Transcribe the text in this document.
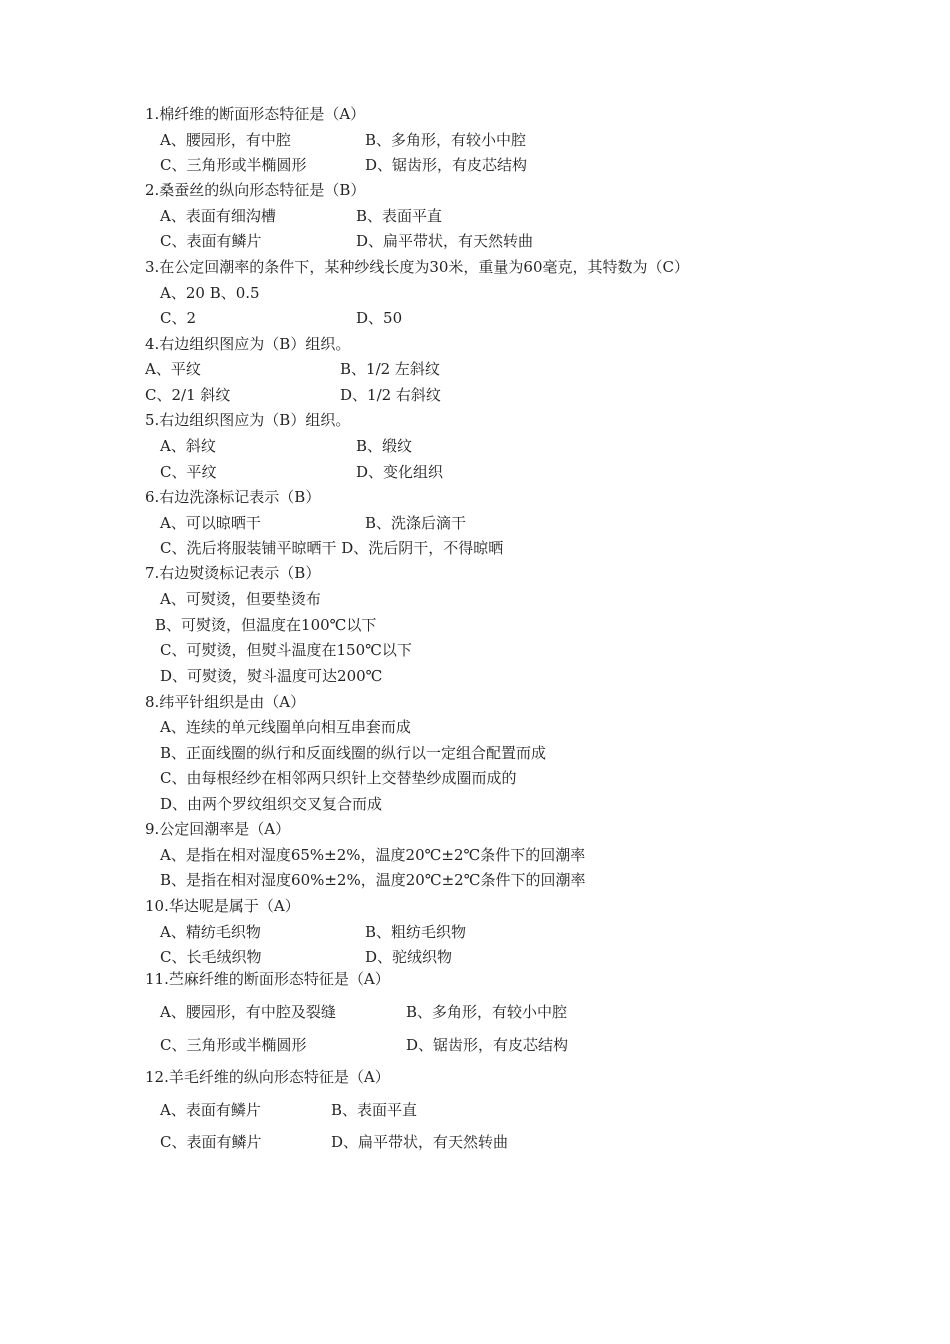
1.棉纤维的断面形态特征是（A）
A、腰园形，有中腔	B、多角形，有较小中腔
C、三角形或半椭圆形	D、锯齿形，有皮芯结构
2.桑蚕丝的纵向形态特征是（B）
A、表面有细沟槽	B、表面平直
C、表面有鳞片	D、扁平带状，有天然转曲
3.在公定回潮率的条件下，某种纱线长度为30米，重量为60毫克，其特数为（C）
A、20 B、0.5
C、2	D、50
4.右边组织图应为（B）组织。
A、平纹	B、1/2 左斜纹
C、2/1 斜纹	D、1/2 右斜纹
5.右边组织图应为（B）组织。
A、斜纹	B、缎纹
C、平纹	D、变化组织
6.右边洗涤标记表示（B）
A、可以晾晒干	B、洗涤后滴干
C、洗后将服装铺平晾晒干 D、洗后阴干，不得晾晒
7.右边熨烫标记表示（B）
A、可熨烫，但要垫烫布
B、可熨烫，但温度在100℃以下
C、可熨烫，但熨斗温度在150℃以下
D、可熨烫，熨斗温度可达200℃
8.纬平针组织是由（A）
A、连续的单元线圈单向相互串套而成
B、正面线圈的纵行和反面线圈的纵行以一定组合配置而成
C、由每根经纱在相邻两只织针上交替垫纱成圈而成的
D、由两个罗纹组织交叉复合而成
9.公定回潮率是（A）
A、是指在相对湿度65%±2%，温度20℃±2℃条件下的回潮率
B、是指在相对湿度60%±2%，温度20℃±2℃条件下的回潮率
10.华达呢是属于（A）
A、精纺毛织物	B、粗纺毛织物
C、长毛绒织物	D、驼绒织物
11.苎麻纤维的断面形态特征是（A）
A、腰园形，有中腔及裂缝	B、多角形，有较小中腔
C、三角形或半椭圆形	D、锯齿形，有皮芯结构
12.羊毛纤维的纵向形态特征是（A）
A、表面有鳞片	B、表面平直
C、表面有鳞片	D、扁平带状，有天然转曲
